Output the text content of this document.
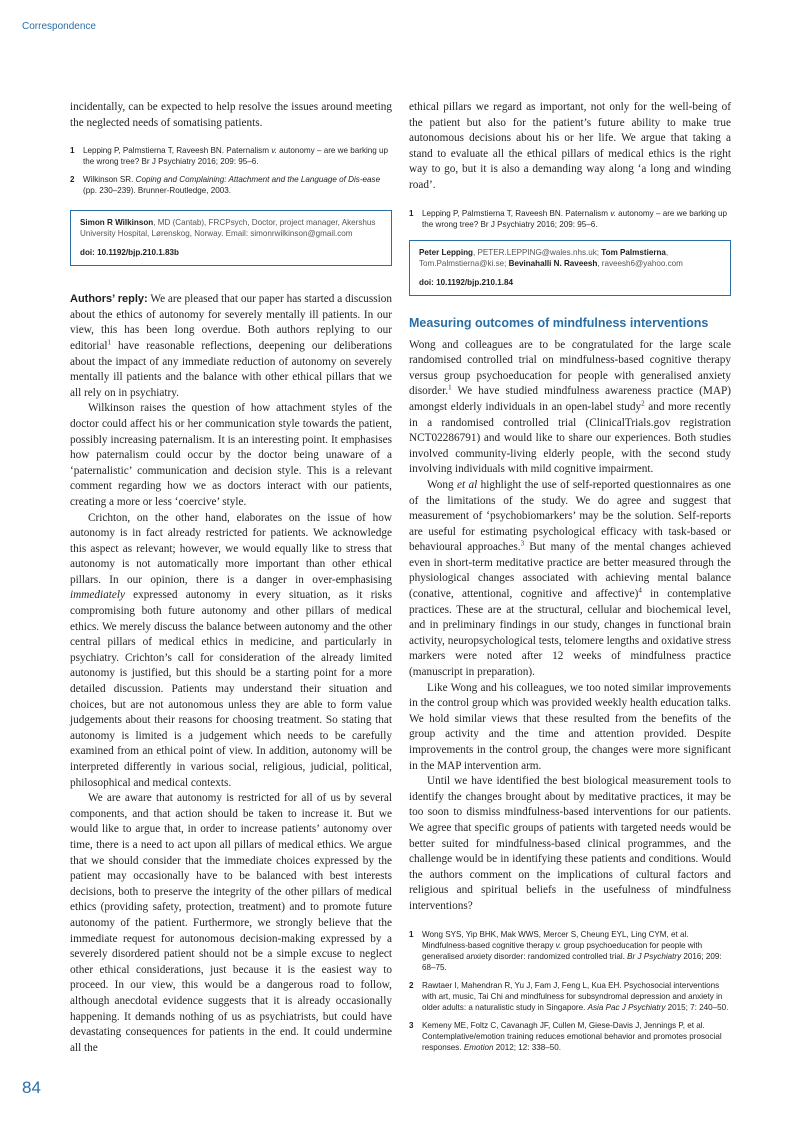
Correspondence

incidentally, can be expected to help resolve the issues around meeting the neglected needs of somatising patients.

1 Lepping P, Palmstierna T, Raveesh BN. Paternalism v. autonomy – are we barking up the wrong tree? Br J Psychiatry 2016; 209: 95–6.
2 Wilkinson SR. Coping and Complaining: Attachment and the Language of Dis-ease (pp. 230–239). Brunner-Routledge, 2003.
Simon R Wilkinson, MD (Cantab), FRCPsych, Doctor, project manager, Akershus University Hospital, Lørenskog, Norway. Email: simonrwilkinson@gmail.com
doi: 10.1192/bjp.210.1.83b

Authors’ reply: We are pleased that our paper has started a discussion about the ethics of autonomy for severely mentally ill patients. In our view, this has been long overdue. Both authors replying to our editorial$^1$ have reasonable reflections, deepening our deliberations about the impact of any immediate reduction of autonomy on severely mentally ill patients and the balance with other ethical pillars that we all rely on in psychiatry.

Wilkinson raises the question of how attachment styles of the doctor could affect his or her communication style towards the patient, possibly increasing paternalism. It is an interesting point. It emphasises how paternalism could occur by the doctor being unaware of a ‘paternalistic’ communication and decision style. This is a relevant comment regarding how we as doctors interact with our patients, creating a more or less ‘coercive’ style.

Crichton, on the other hand, elaborates on the issue of how autonomy is in fact already restricted for patients. We acknowledge this aspect as relevant; however, we would equally like to stress that autonomy is not automatically more important than other ethical pillars. In our opinion, there is a danger in over-emphasising immediately expressed autonomy in every situation, as it risks compromising both future autonomy and other pillars of medical ethics. We merely discuss the balance between autonomy and the other central pillars of medical ethics in medicine, and particularly in psychiatry. Crichton’s call for consideration of the already limited autonomy is justified, but this should be a starting point for a more detailed discussion. Patients may understand their situation and choices, but are not autonomous unless they are able to form value judgements about their reasons for choosing treatment. So stating that autonomy is limited is a judgement which needs to be carefully examined from an ethical point of view. In addition, autonomy will be interpreted differently in various social, religious, judicial, political, philosophical and medical contexts.

We are aware that autonomy is restricted for all of us by several components, and that action should be taken to increase it. But we would like to argue that, in order to increase patients’ autonomy over time, there is a need to act upon all pillars of medical ethics. We argue that we should consider that the immediate choices expressed by the patient may occasionally have to be balanced with best interests decisions, both to preserve the integrity of the other pillars of medical ethics (providing safety, protection, treatment) and to promote future autonomy of the patient. Furthermore, we strongly believe that the immediate request for autonomous decision-making expressed by a severely disordered patient should not be a simple excuse to neglect other ethical considerations, just because it is the easiest way to proceed. In our view, this would be a dangerous road to follow, although anecdotal evidence suggests that it is already occasionally happening. It demands nothing of us as psychiatrists, but could have devastating consequences for patients in the end. It could undermine all the

ethical pillars we regard as important, not only for the well-being of the patient but also for the patient’s future ability to make true autonomous decisions about his or her life. We argue that taking a stand to evaluate all the ethical pillars of medical ethics is the right way to go, but it is also a demanding way along ‘a long and winding road’.

1 Lepping P, Palmstierna T, Raveesh BN. Paternalism v. autonomy – are we barking up the wrong tree? Br J Psychiatry 2016; 209: 95–6.
Peter Lepping, PETER.LEPPING@wales.nhs.uk; Tom Palmstierna, Tom.Palmstierna@ki.se; Bevinahalli N. Raveesh, raveesh6@yahoo.com
doi: 10.1192/bjp.210.1.84
Measuring outcomes of mindfulness interventions

Wong and colleagues are to be congratulated for the large scale randomised controlled trial on mindfulness-based cognitive therapy versus group psychoeducation for people with generalised anxiety disorder.$^1$ We have studied mindfulness awareness practice (MAP) amongst elderly individuals in an open-label study$^2$ and more recently in a randomised controlled trial (ClinicalTrials.gov registration NCT02286791) and would like to share our experiences. Both studies involved community-living elderly people, with the second study involving individuals with mild cognitive impairment.

Wong et al highlight the use of self-reported questionnaires as one of the limitations of the study. We do agree and suggest that measurement of ‘psychobiomarkers’ may be the solution. Self-reports are useful for estimating psychological efficacy with task-based or behavioural approaches.$^3$ But many of the mental changes achieved even in short-term meditative practice are better measured through the physiological changes associated with achieving mental balance (conative, attentional, cognitive and affective)$^4$ in contemplative practices. These are at the structural, cellular and biochemical level, and in preliminary findings in our study, changes in functional brain activity, neuropsychological tests, telomere lengths and oxidative stress markers were noted after 12 weeks of mindfulness practice (manuscript in preparation).

Like Wong and his colleagues, we too noted similar improvements in the control group which was provided weekly health education talks. We hold similar views that these resulted from the benefits of the group activity and the time and attention provided. Despite improvements in the control group, the changes were more significant in the MAP intervention arm.

Until we have identified the best biological measurement tools to identify the changes brought about by meditative practices, it may be too soon to dismiss mindfulness-based interventions for our patients. We agree that specific groups of patients with targeted needs would be better suited for mindfulness-based clinical programmes, and the challenge would be in identifying these patients and conditions. Would the authors comment on the implications of cultural factors and religious and spiritual beliefs in the usefulness of mindfulness interventions?

1 Wong SYS, Yip BHK, Mak WWS, Mercer S, Cheung EYL, Ling CYM, et al. Mindfulness-based cognitive therapy v. group psychoeducation for people with generalised anxiety disorder: randomized controlled trial. Br J Psychiatry 2016; 209: 68–75.
2 Rawtaer I, Mahendran R, Yu J, Fam J, Feng L, Kua EH. Psychosocial interventions with art, music, Tai Chi and mindfulness for subsyndromal depression and anxiety in older adults: a naturalistic study in Singapore. Asia Pac J Psychiatry 2015; 7: 240–50.
3 Kemeny ME, Foltz C, Cavanagh JF, Cullen M, Giese-Davis J, Jennings P, et al. Contemplative/emotion training reduces emotional behavior and promotes prosocial responses. Emotion 2012; 12: 338–50.
84
